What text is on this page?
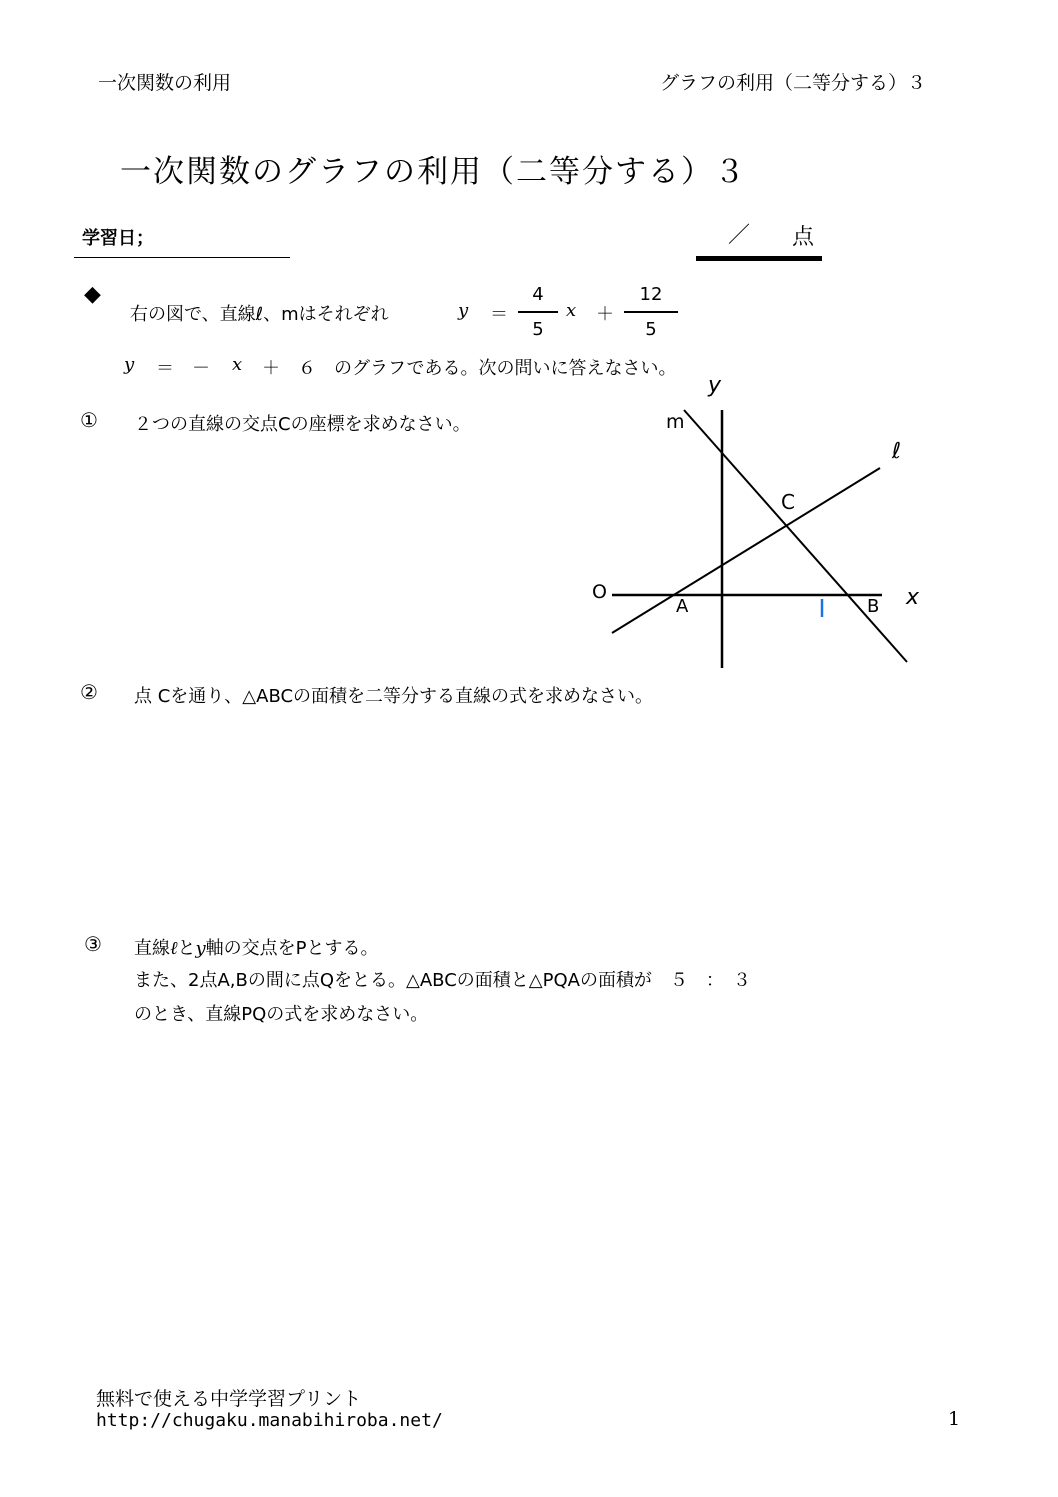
一次関数の利用	グラフの利用（二等分する）３
一次関数のグラフの利用（二等分する）３
学習日；	／ 点
◆
右の図で、直線ℓ、mはそれぞれ	y ＝
4
5
x ＋
12
5
y ＝　－ x ＋　６　のグラフである。次の問いに答えなさい。
① ２つの直線の交点Cの座標を求めなさい。
② 点 Cを通り、△ABCの面積を二等分する直線の式を求めなさい。
③ 直線ℓとy軸の交点をPとする。
また、2点A,Bの間に点Qをとる。△ABCの面積と△PQAの面積が　５　：　３
のとき、直線PQの式を求めなさい。
y
x
O
m
ℓ
C
A	B
無料で使える中学学習プリント
http://chugaku.manabihiroba.net/	1
